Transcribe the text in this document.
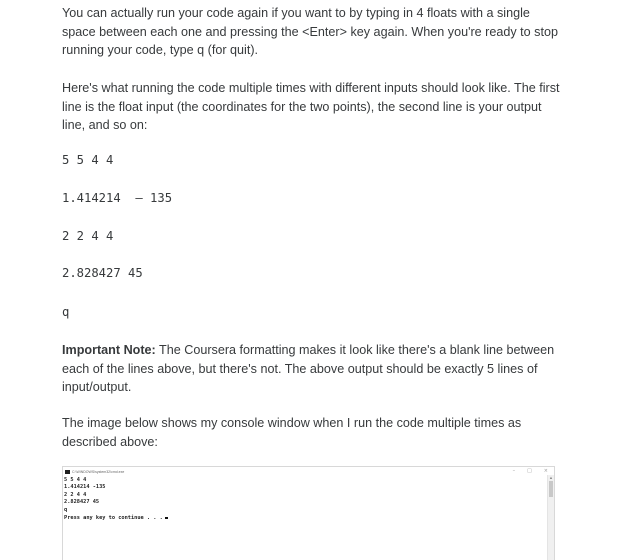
You can actually run your code again if you want to by typing in 4 floats with a single space between each one and pressing the <Enter> key again. When you're ready to stop running your code, type q (for quit).

Here's what running the code multiple times with different inputs should look like. The first line is the float input (the coordinates for the two points), the second line is your output line, and so on:

5 5 4 4

1.414214  – 135

2 2 4 4

2.828427 45

q

Important Note: The Coursera formatting makes it look like there's a blank line between each of the lines above, but there's not. The above output should be exactly 5 lines of input/output.

The image below shows my console window when I run the code multiple times as described above:

C:\WINDOWS\system32\cmd.exe	– □ ×
5 5 4 4
1.414214 -135
2 2 4 4
2.828427 45
q
Press any key to continue . . .
▲
